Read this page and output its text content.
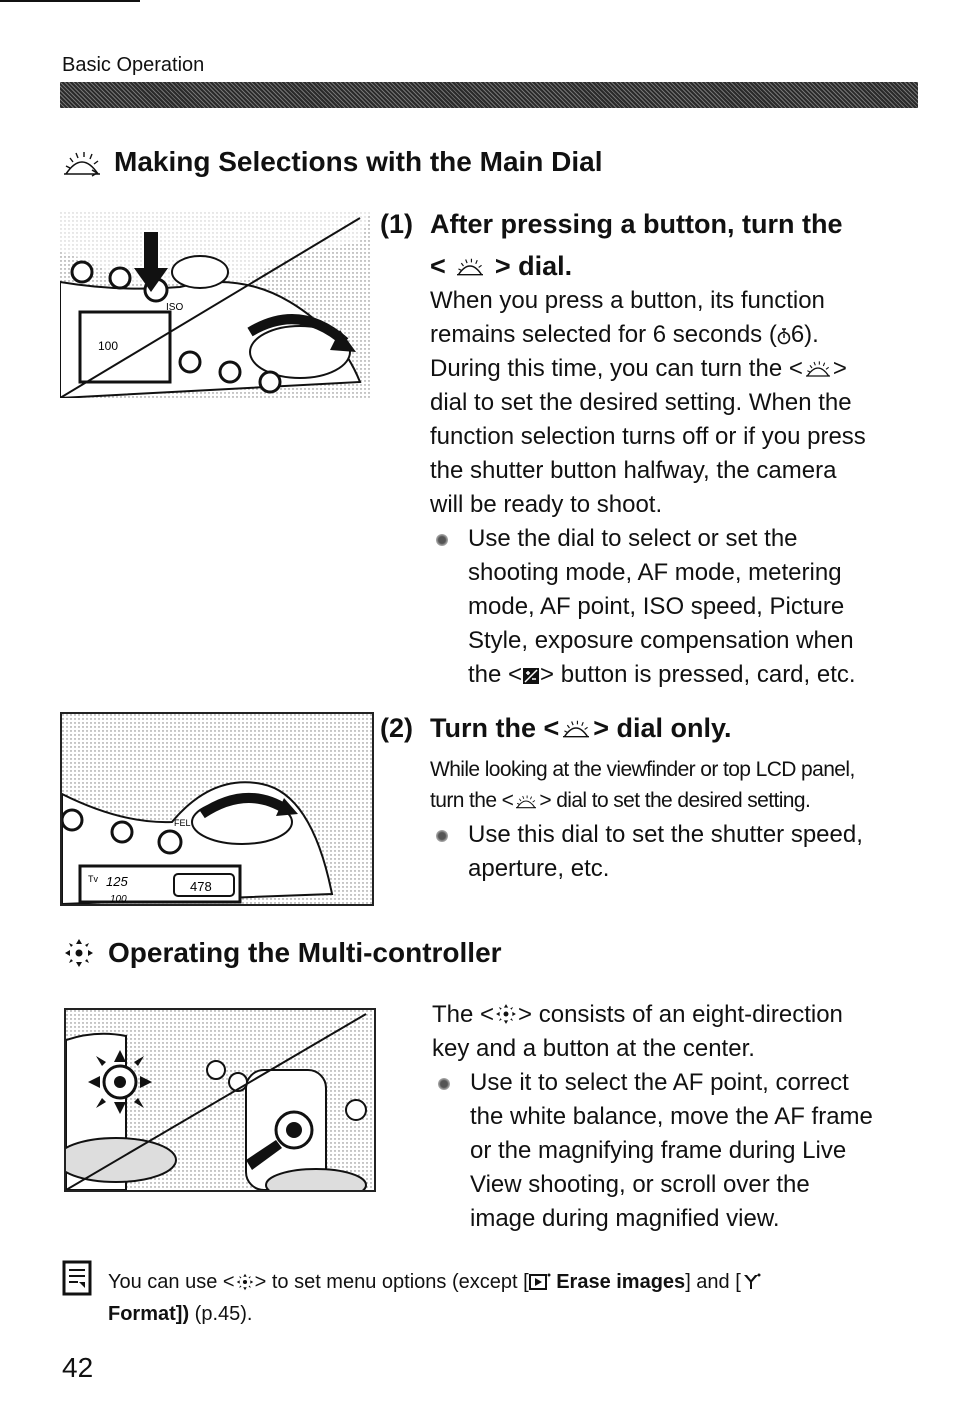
Basic Operation
Making Selections with the Main Dial
100
ISO
(1) After pressing a button, turn the
< > dial.
When you press a button, its function
remains selected for 6 seconds ( 6).
During this time, you can turn the < >
dial to set the desired setting. When the
function selection turns off or if you press
the shutter button halfway, the camera
will be ready to shoot.
Use the dial to select or set the
shooting mode, AF mode, metering
mode, AF point, ISO speed, Picture
Style, exposure compensation when
the < > button is pressed, card, etc.
FEL
Tv 125
100
478
(2) Turn the < > dial only.
While looking at the viewfinder or top LCD panel,
turn the < > dial to set the desired setting.
Use this dial to set the shutter speed,
aperture, etc.
Operating the Multi-controller
The < > consists of an eight-direction
key and a button at the center.
Use it to select the AF point, correct
the white balance, move the AF frame
or the magnifying frame during Live
View shooting, or scroll over the
image during magnified view.
You can use < > to set menu options (except [ Erase images] and [
Format]) (p.45).
42
